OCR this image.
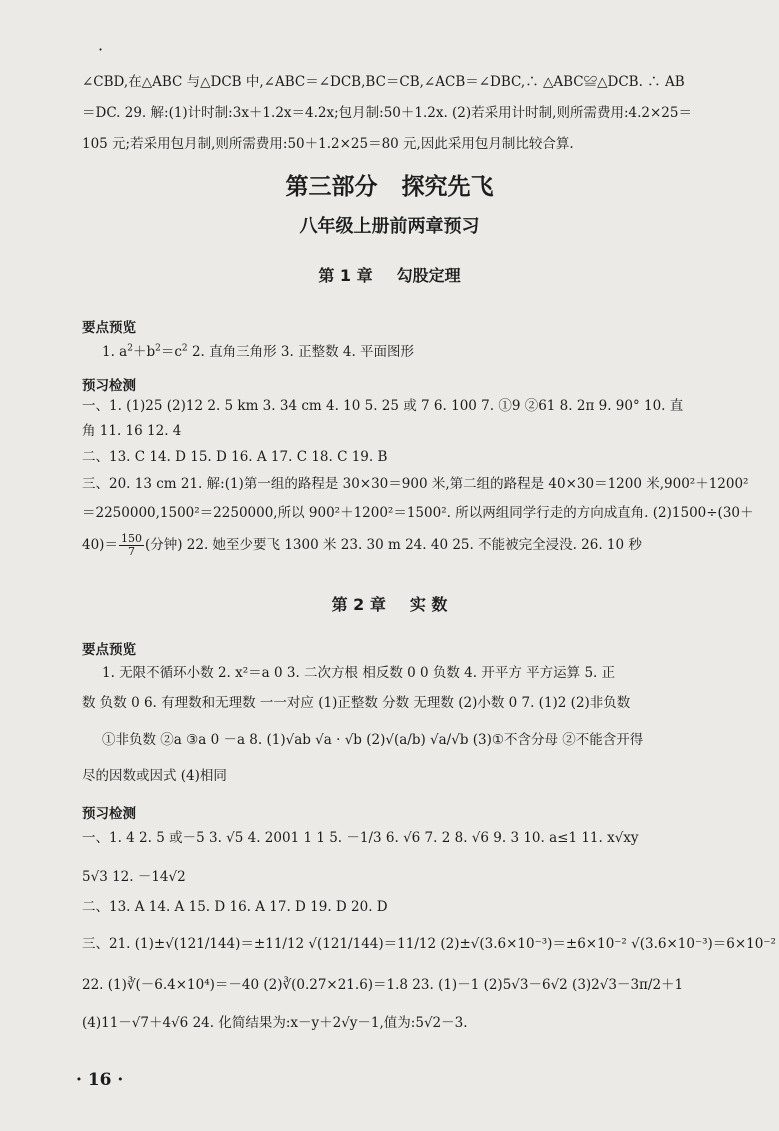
·
∠CBD,在△ABC 与△DCB 中,∠ABC＝∠DCB,BC＝CB,∠ACB＝∠DBC,∴ △ABC≌△DCB. ∴ AB
＝DC. 29. 解:(1)计时制:3x＋1.2x＝4.2x;包月制:50＋1.2x. (2)若采用计时制,则所需费用:4.2×25＝
105 元;若采用包月制,则所需费用:50＋1.2×25＝80 元,因此采用包月制比较合算.
第三部分 探究先飞
八年级上册前两章预习
第 1 章 勾股定理
要点预览
1. $a^2+b^2=c^2$ 2. 直角三角形 3. 正整数 4. 平面图形
预习检测
一、1. (1)25 (2)12 2. 5 km 3. 34 cm 4. 10 5. 25 或 7 6. 100 7. ①9 ②61 8. 2π 9. 90° 10. 直
角 11. 16 12. 4
二、13. C 14. D 15. D 16. A 17. C 18. C 19. B
三、20. 13 cm 21. 解:(1)第一组的路程是 30×30＝900 米,第二组的路程是 40×30＝1200 米,900²＋1200²
＝2250000,1500²＝2250000,所以 900²＋1200²＝1500². 所以两组同学行走的方向成直角. (2)1500÷(30＋
$40)= \frac{150}{7}$ (分钟) 22. 她至少要飞 1300 米 23. 30 m 24. 40 25. 不能被完全浸没. 26. 10 秒
第 2 章 实 数
要点预览
1. 无限不循环小数 2. x²＝a 0 3. 二次方根 相反数 0 0 负数 4. 开平方 平方运算 5. 正
数 负数 0 6. 有理数和无理数 一一对应 (1)正整数 分数 无理数 (2)小数 0 7. (1)2 (2)非负数
①非负数 ②a ③a 0 －a 8. (1)√ab √a · √b (2)√(a/b) √a/√b (3)①不含分母 ②不能含开得
尽的因数或因式 (4)相同
预习检测
一、1. 4 2. 5 或－5 3. √5 4. 2001 1 1 5. －1/3 6. √6 7. 2 8. √6 9. 3 10. a≤1 11. x√xy
5√3 12. －14√2
二、13. A 14. A 15. D 16. A 17. D 19. D 20. D
三、21. (1)±√(121/144)＝±11/12 √(121/144)＝11/12 (2)±√(3.6×10⁻³)＝±6×10⁻² √(3.6×10⁻³)＝6×10⁻²
22. (1)∛(－6.4×10⁴)＝－40 (2)∛(0.27×21.6)＝1.8 23. (1)－1 (2)5√3－6√2 (3)2√3－3π/2＋1
(4)11－√7＋4√6 24. 化简结果为:x－y＋2√y－1,值为:5√2－3.
· 16 ·
